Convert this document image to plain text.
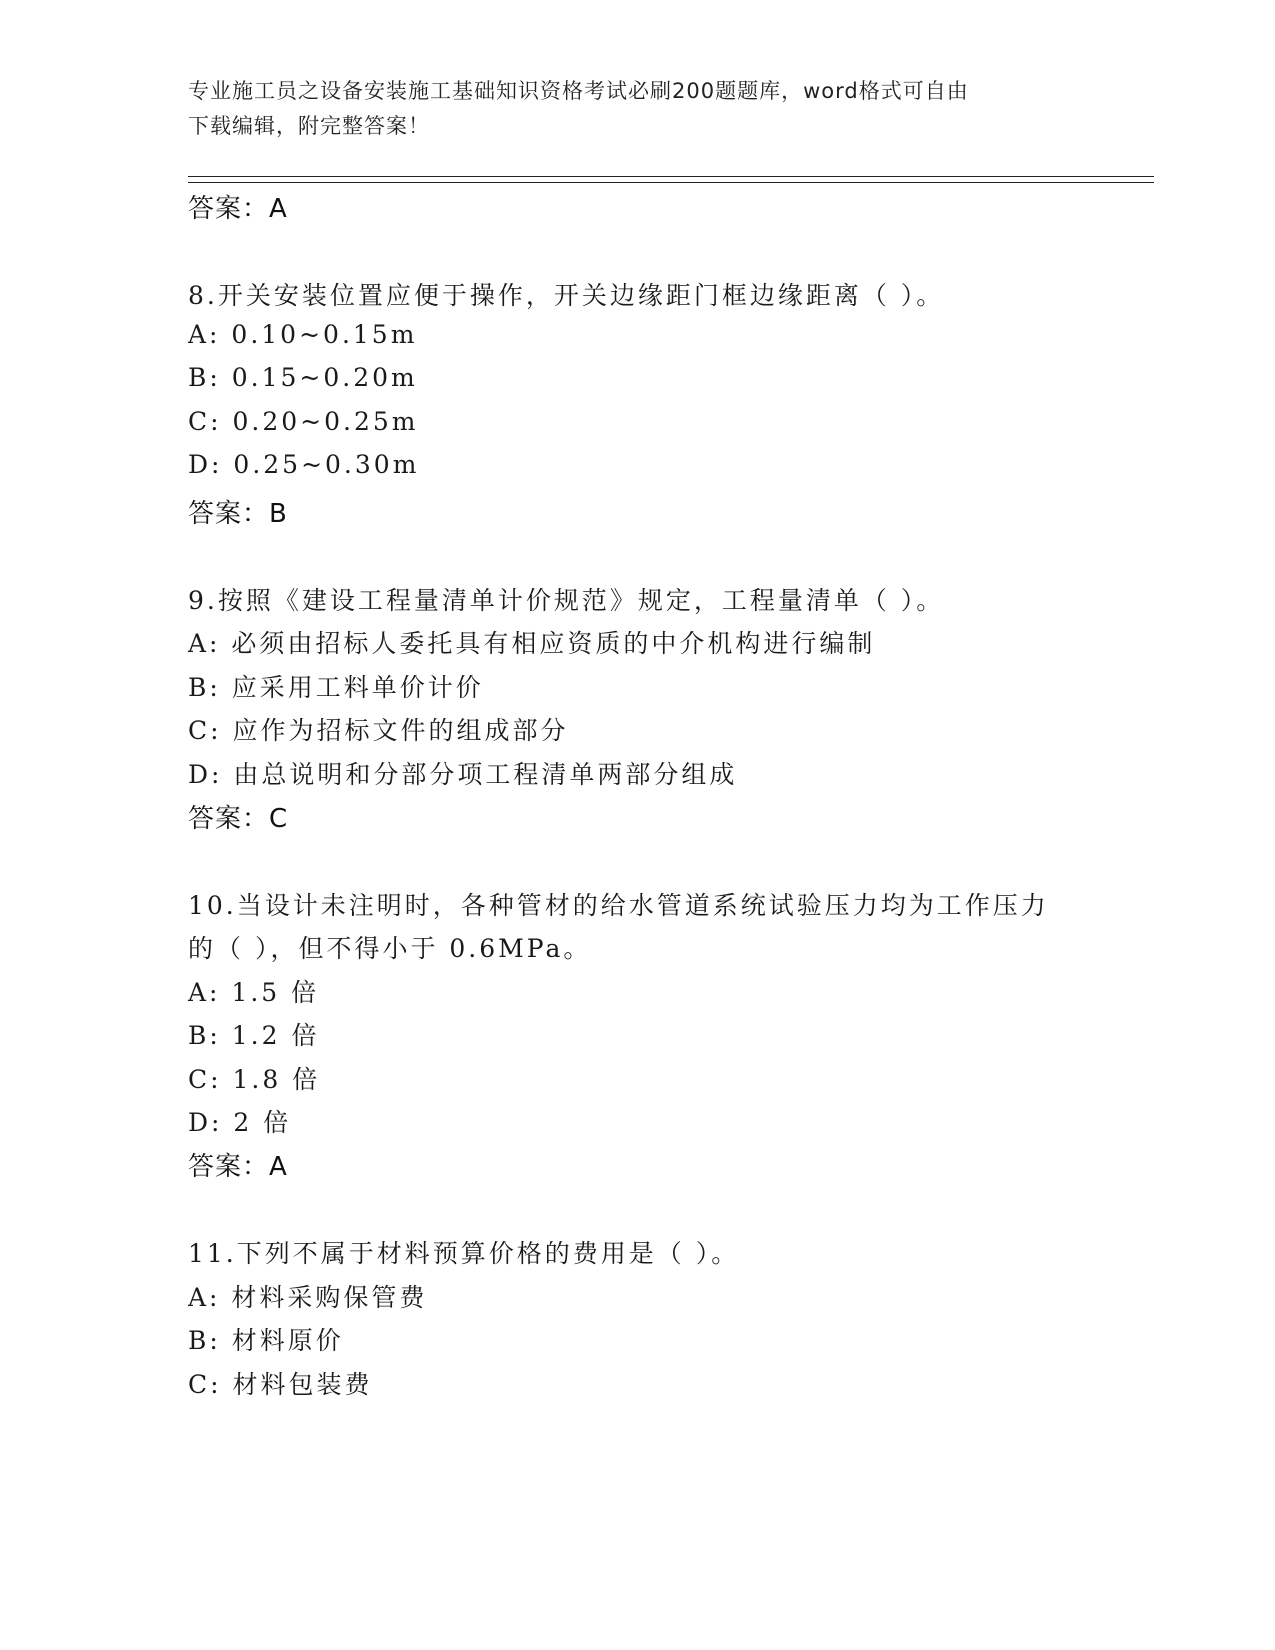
专业施工员之设备安装施工基础知识资格考试必刷200题题库，word格式可自由
下载编辑，附完整答案！
答案：A
8.开关安装位置应便于操作，开关边缘距门框边缘距离（ ）。
A: 0.10~0.15m
B: 0.15~0.20m
C: 0.20~0.25m
D: 0.25~0.30m
答案：B
9.按照《建设工程量清单计价规范》规定，工程量清单（ ）。
A: 必须由招标人委托具有相应资质的中介机构进行编制
B: 应采用工料单价计价
C: 应作为招标文件的组成部分
D: 由总说明和分部分项工程清单两部分组成
答案：C
10.当设计未注明时，各种管材的给水管道系统试验压力均为工作压力
的（ ），但不得小于 0.6MPa。
A: 1.5 倍
B: 1.2 倍
C: 1.8 倍
D: 2 倍
答案：A
11.下列不属于材料预算价格的费用是（ ）。
A: 材料采购保管费
B: 材料原价
C: 材料包装费
